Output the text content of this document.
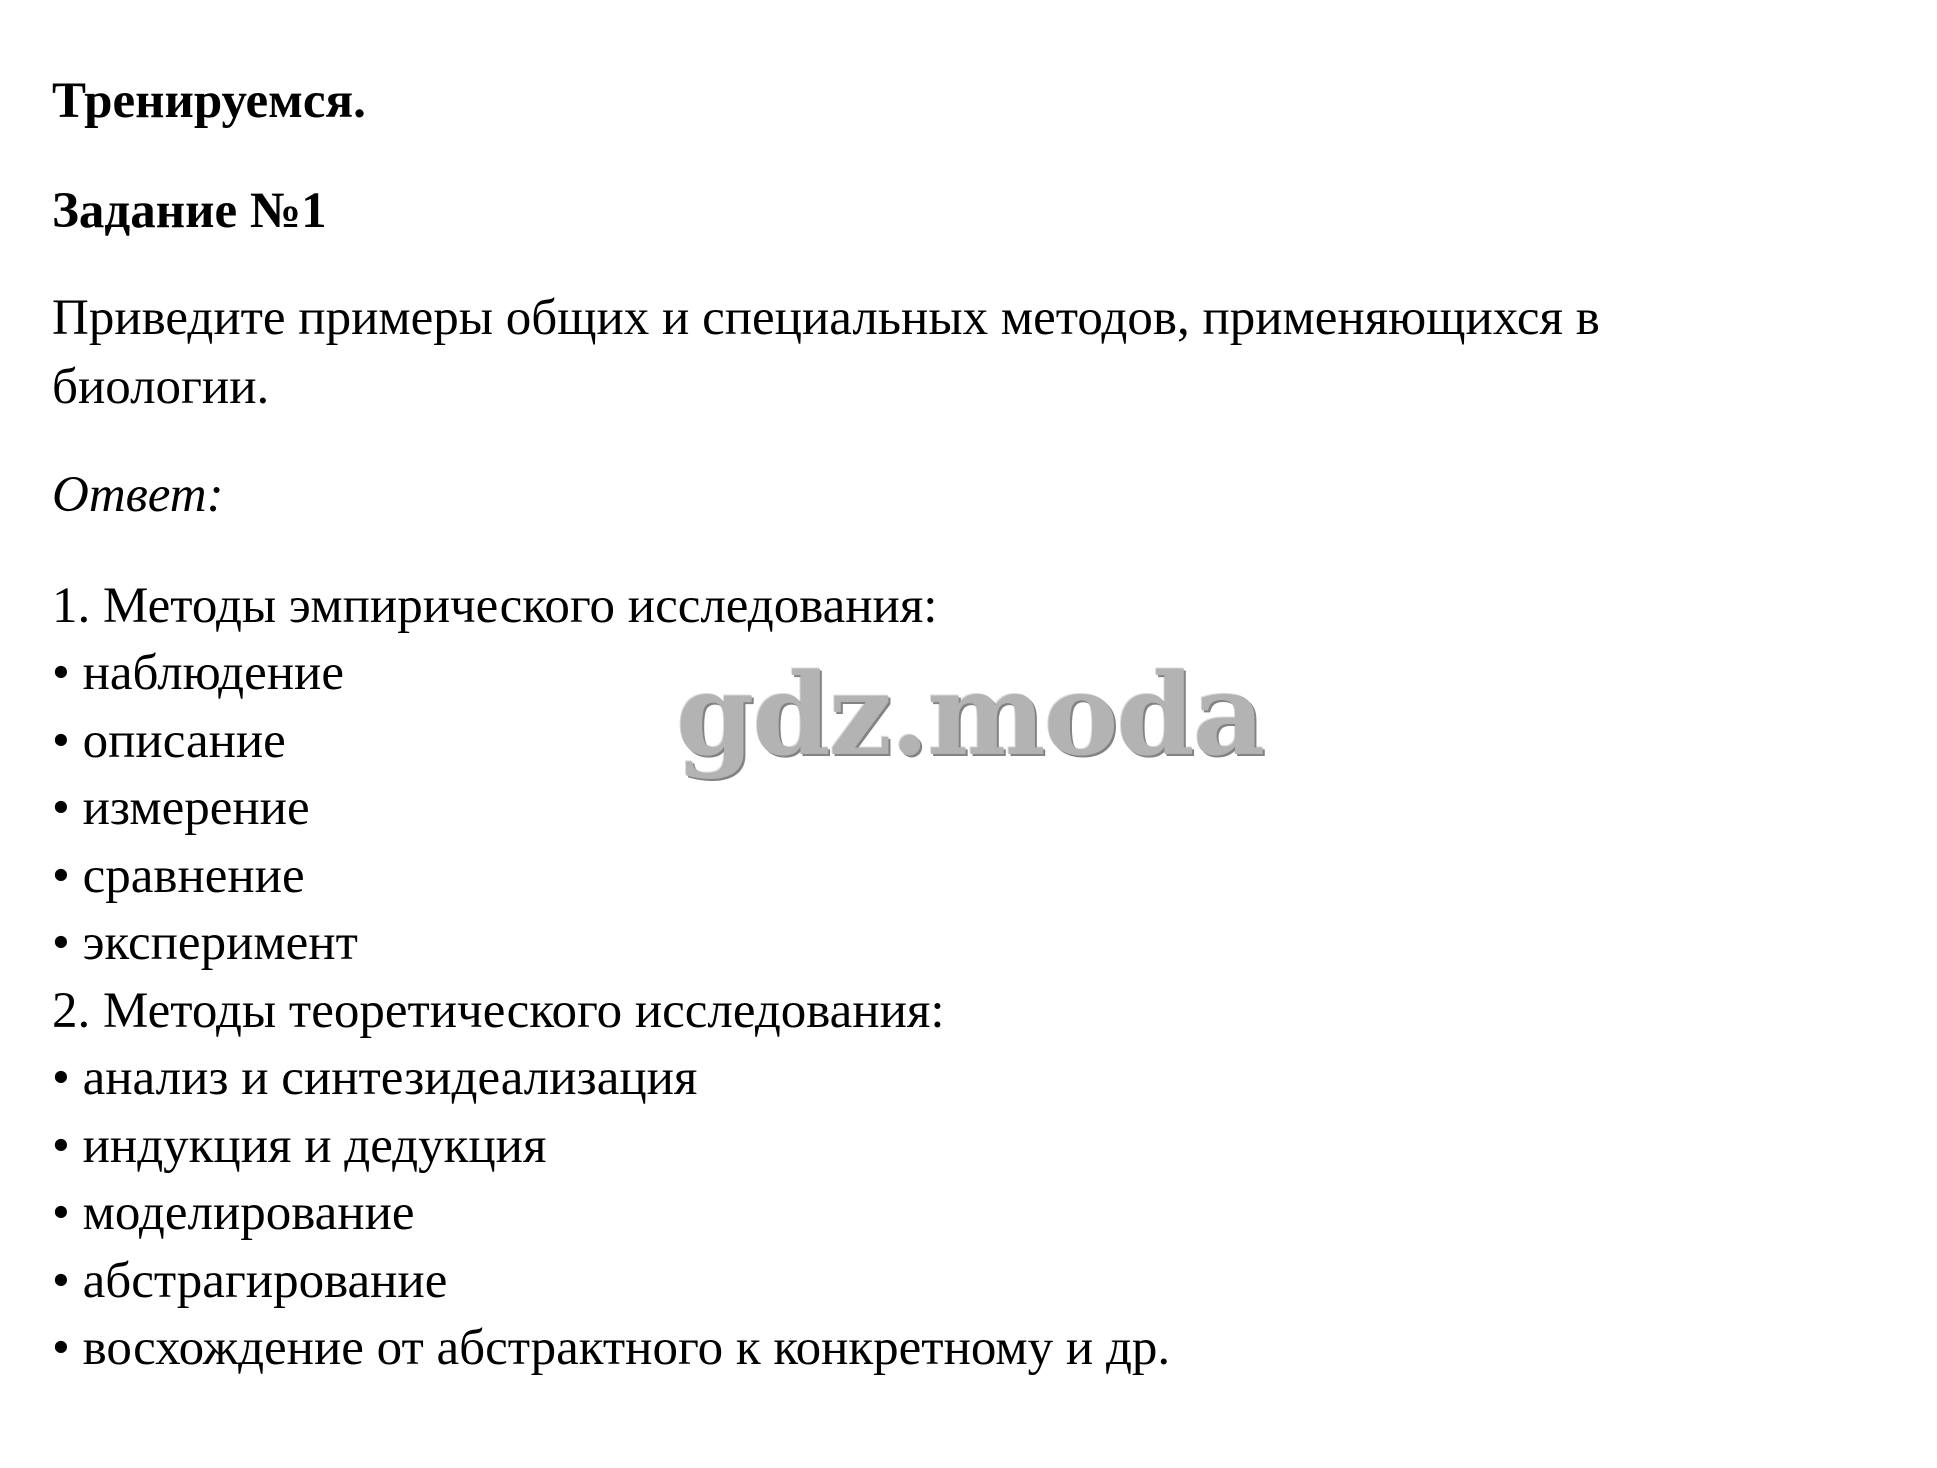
Тренируемся.
Задание №1
Приведите примеры общих и специальных методов, применяющихся в
биологии.
Ответ:
1. Методы эмпирического исследования:
• наблюдение
• описание
• измерение
• сравнение
• эксперимент
2. Методы теоретического исследования:
• анализ и синтезидеализация
• индукция и дедукция
• моделирование
• абстрагирование
• восхождение от абстрактного к конкретному и др.
gdz.moda
